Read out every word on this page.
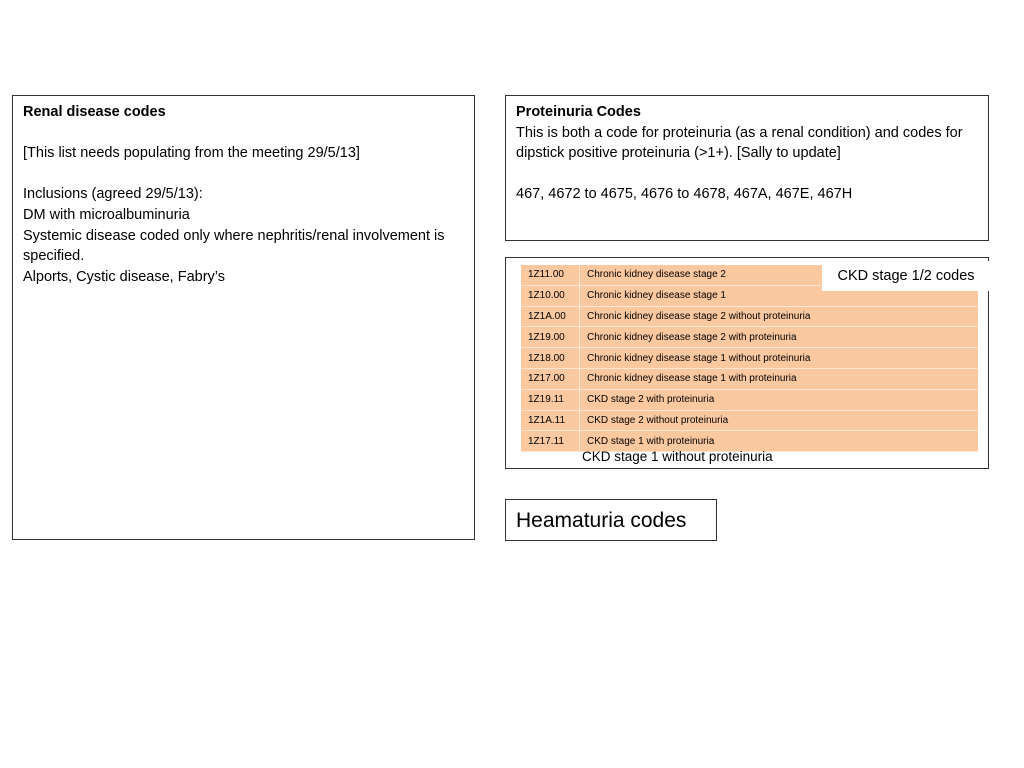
Renal disease codes
[This list needs populating from the meeting 29/5/13]
Inclusions (agreed 29/5/13):
DM with microalbuminuria
Systemic disease coded only where nephritis/renal involvement is specified.
Alports, Cystic disease, Fabry’s
Proteinuria Codes
This is both a code for proteinuria (as a renal condition) and codes for dipstick positive proteinuria (>1+). [Sally to update]
467, 4672 to 4675, 4676 to 4678, 467A, 467E, 467H
1Z11.00	Chronic kidney disease stage 2
1Z10.00	Chronic kidney disease stage 1
1Z1A.00	Chronic kidney disease stage 2 without proteinuria
1Z19.00	Chronic kidney disease stage 2 with proteinuria
1Z18.00	Chronic kidney disease stage 1 without proteinuria
1Z17.00	Chronic kidney disease stage 1 with proteinuria
1Z19.11	CKD stage 2 with proteinuria
1Z1A.11	CKD stage 2 without proteinuria
1Z17.11	CKD stage 1 with proteinuria
CKD stage 1/2 codes
CKD stage 1 without proteinuria
Heamaturia codes
